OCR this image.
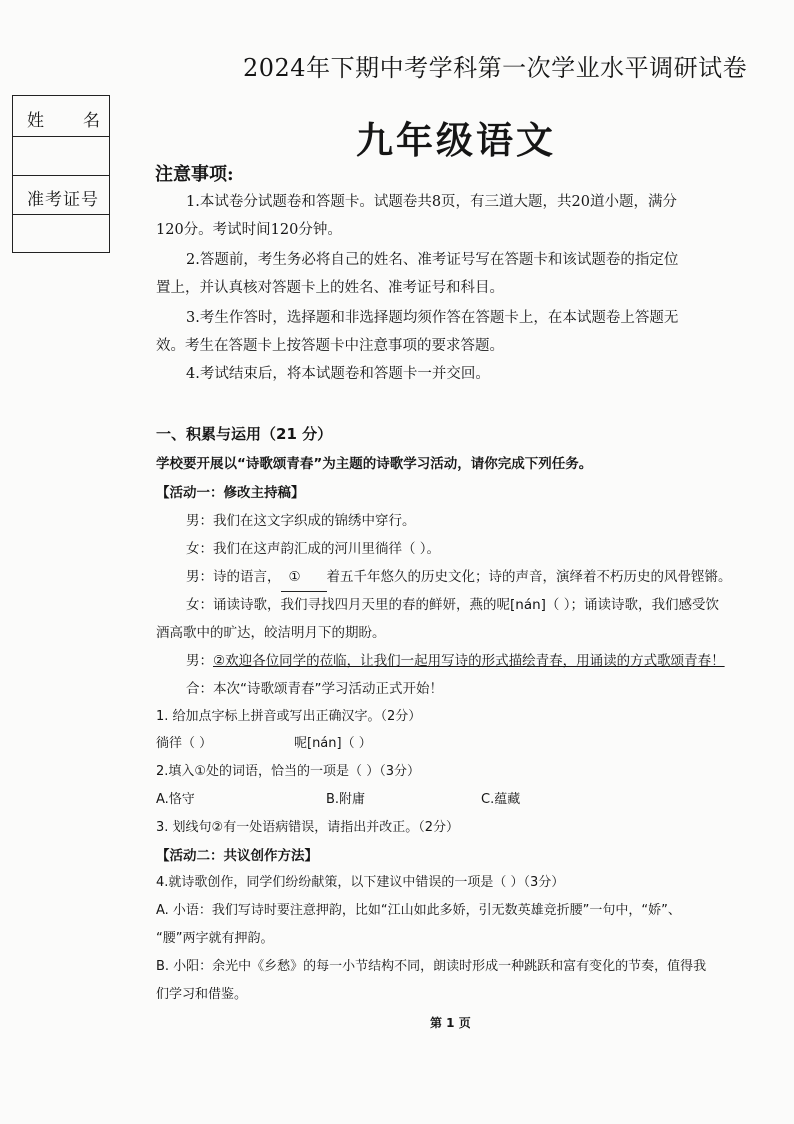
2024年下期中考学科第一次学业水平调研试卷
姓 名
准考证号
九年级语文
注意事项:
1.本试卷分试题卷和答题卡。试题卷共8页，有三道大题，共20道小题，满分
120分。考试时间120分钟。
2.答题前，考生务必将自己的姓名、准考证号写在答题卡和该试题卷的指定位
置上，并认真核对答题卡上的姓名、准考证号和科目。
3.考生作答时，选择题和非选择题均须作答在答题卡上，在本试题卷上答题无
效。考生在答题卡上按答题卡中注意事项的要求答题。
4.考试结束后，将本试题卷和答题卡一并交回。
一、积累与运用（21 分）
学校要开展以“诗歌颂青春”为主题的诗歌学习活动，请你完成下列任务。
【活动一：修改主持稿】
男：我们在这文字织成的锦绣中穿行。
女：我们在这声韵汇成的河川里徜徉（ ）。
男：诗的语言， ① 着五千年悠久的历史文化；诗的声音，演绎着不朽历史的风骨铿锵。
女：诵读诗歌，我们寻找四月天里的春的鲜妍，燕的呢[nán]（ ）；诵读诗歌，我们感受饮
酒高歌中的旷达，皎洁明月下的期盼。
男：②欢迎各位同学的莅临，让我们一起用写诗的形式描绘青春，用诵读的方式歌颂青春！
合：本次“诗歌颂青春”学习活动正式开始！
1. 给加点字标上拼音或写出正确汉字。（2分）
徜徉（ ）	呢[nán]（ ）
2.填入①处的词语，恰当的一项是（ ）（3分）
A.恪守	B.附庸	C.蕴藏
3. 划线句②有一处语病错误，请指出并改正。（2分）
【活动二：共议创作方法】
4.就诗歌创作，同学们纷纷献策，以下建议中错误的一项是（ ）（3分）
A. 小语：我们写诗时要注意押韵，比如“江山如此多娇，引无数英雄竞折腰”一句中，“娇”、
“腰”两字就有押韵。
B. 小阳：余光中《乡愁》的每一小节结构不同，朗读时形成一种跳跃和富有变化的节奏，值得我
们学习和借鉴。
第 1 页
